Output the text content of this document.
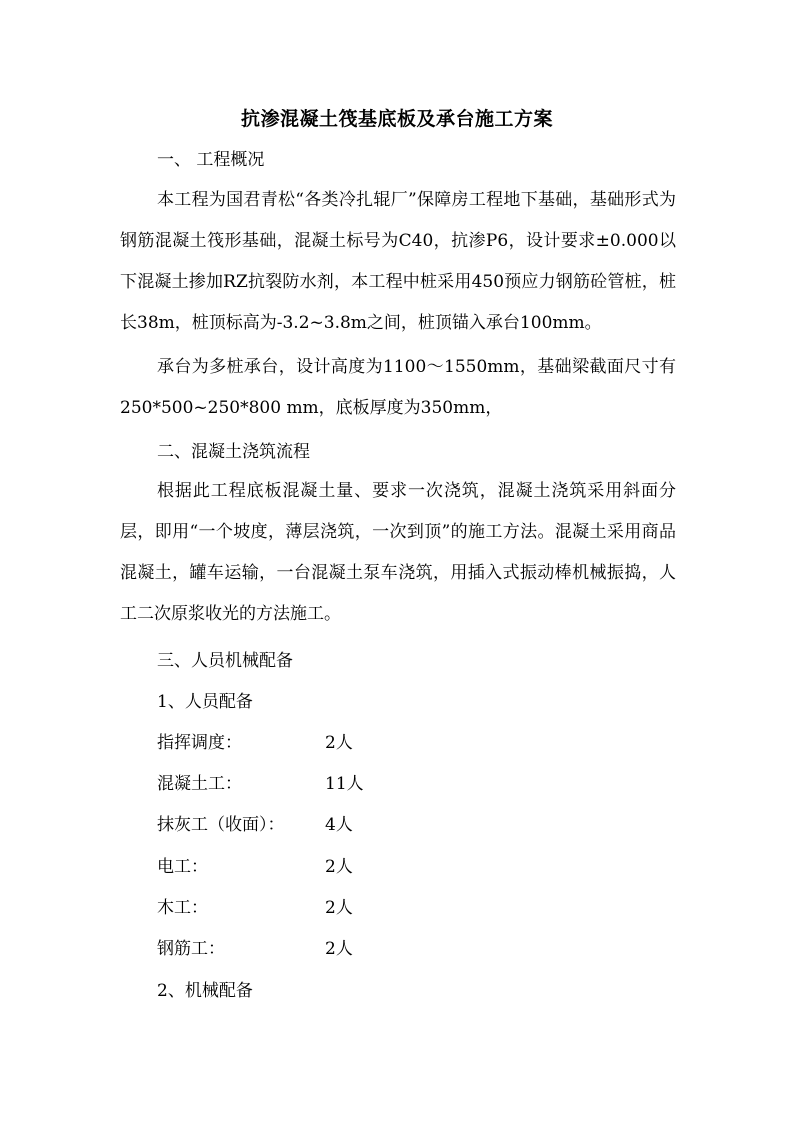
抗渗混凝土筏基底板及承台施工方案
一、 工程概况
本工程为国君青松“各类冷扎辊厂”保障房工程地下基础，基础形式为钢筋混凝土筏形基础，混凝土标号为C40，抗渗P6，设计要求±0.000以下混凝土掺加RZ抗裂防水剂，本工程中桩采用450预应力钢筋砼管桩，桩长38m，桩顶标高为-3.2~3.8m之间，桩顶锚入承台100mm。
承台为多桩承台，设计高度为1100～1550mm，基础梁截面尺寸有250*500~250*800 mm，底板厚度为350mm，
二、混凝土浇筑流程
根据此工程底板混凝土量、要求一次浇筑，混凝土浇筑采用斜面分层，即用“一个坡度，薄层浇筑，一次到顶”的施工方法。混凝土采用商品混凝土，罐车运输，一台混凝土泵车浇筑，用插入式振动棒机械振捣，人工二次原浆收光的方法施工。
三、人员机械配备
1、人员配备
指挥调度：	2人
混凝土工：	11人
抹灰工（收面）： 4人
电工：	2人
木工：	2人
钢筋工：	2人
2、机械配备
